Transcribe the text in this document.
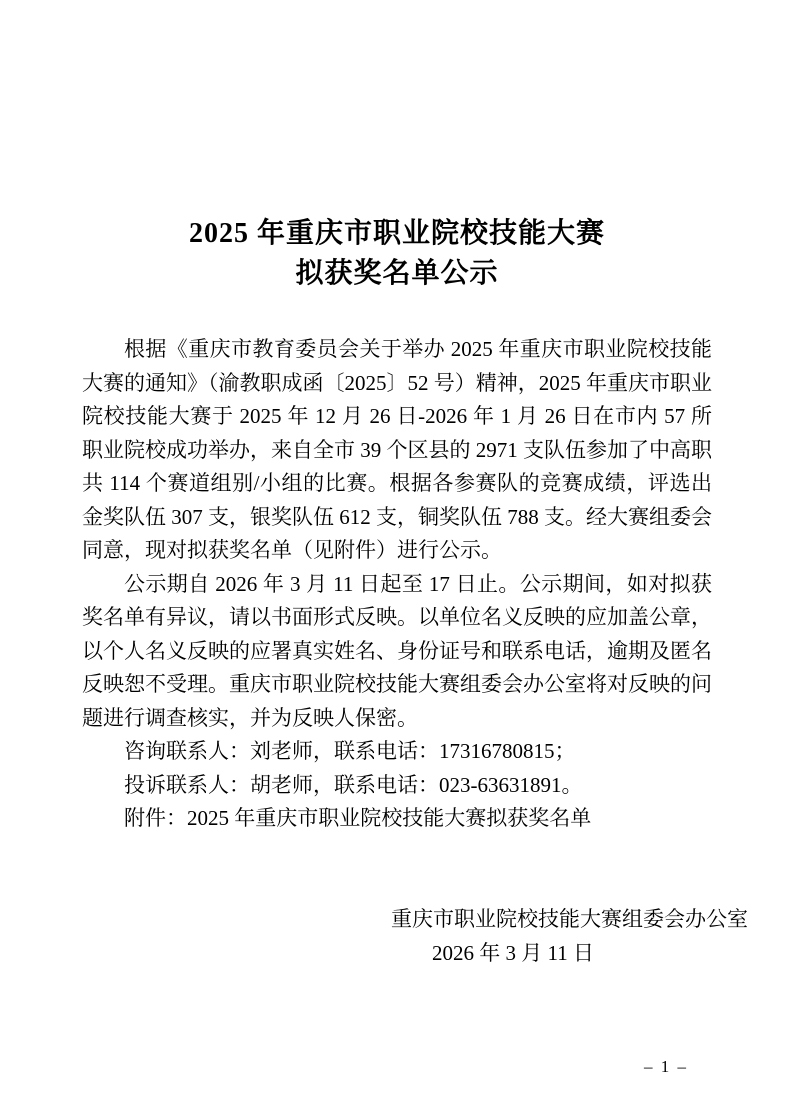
2025 年重庆市职业院校技能大赛
拟获奖名单公示

根据《重庆市教育委员会关于举办 2025 年重庆市职业院校技能大赛的通知》（渝教职成函〔2025〕52 号）精神，2025 年重庆市职业院校技能大赛于 2025 年 12 月 26 日-2026 年 1 月 26 日在市内 57 所职业院校成功举办，来自全市 39 个区县的 2971 支队伍参加了中高职共 114 个赛道组别/小组的比赛。根据各参赛队的竞赛成绩，评选出金奖队伍 307 支，银奖队伍 612 支，铜奖队伍 788 支。经大赛组委会同意，现对拟获奖名单（见附件）进行公示。

公示期自 2026 年 3 月 11 日起至 17 日止。公示期间，如对拟获奖名单有异议，请以书面形式反映。以单位名义反映的应加盖公章，以个人名义反映的应署真实姓名、身份证号和联系电话，逾期及匿名反映恕不受理。重庆市职业院校技能大赛组委会办公室将对反映的问题进行调查核实，并为反映人保密。

咨询联系人：刘老师，联系电话：17316780815；

投诉联系人：胡老师，联系电话：023-63631891。

附件：2025 年重庆市职业院校技能大赛拟获奖名单

重庆市职业院校技能大赛组委会办公室
2026 年 3 月 11 日
– 1 –
